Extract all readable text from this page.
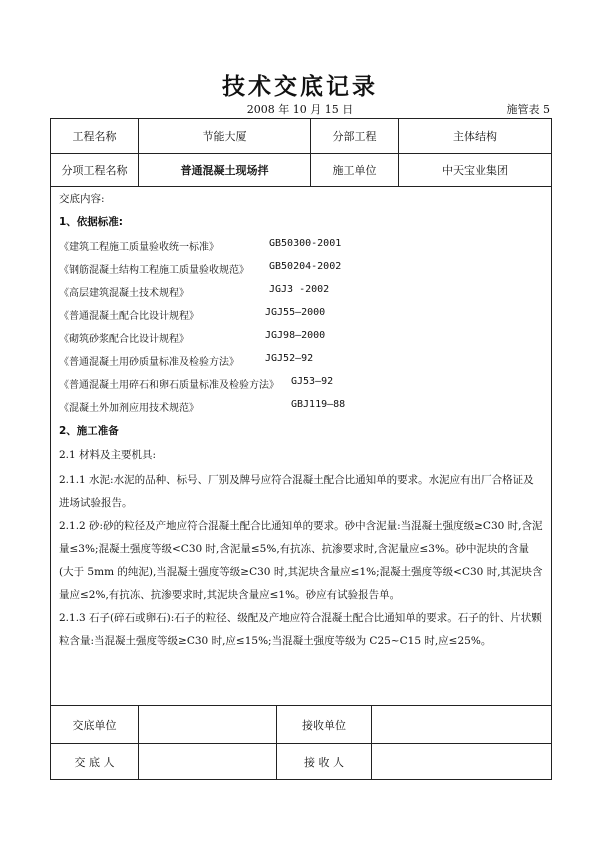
技术交底记录
2008 年 10 月 15 日	施管表 5
工程名称	节能大厦	分部工程	主体结构
分项工程名称	普通混凝土现场拌	施工单位	中天宝业集团
交底内容:
1、依据标准:
《建筑工程施工质量验收统一标准》	GB50300-2001
《钢筋混凝土结构工程施工质量验收规范》 GB50204-2002
《高层建筑混凝土技术规程》	JGJ3 -2002
《普通混凝土配合比设计规程》	JGJ55—2000
《砌筑砂浆配合比设计规程》	JGJ98—2000
《普通混凝土用砂质量标准及检验方法》	JGJ52—92
《普通混凝土用碎石和卵石质量标准及检验方法》 GJ53—92
《混凝土外加剂应用技术规范》	GBJ119—88
2、施工准备
2.1 材料及主要机具:
2.1.1 水泥:水泥的品种、标号、厂别及牌号应符合混凝土配合比通知单的要求。水泥应有出厂合格证及进场试验报告。
2.1.2 砂:砂的粒径及产地应符合混凝土配合比通知单的要求。砂中含泥量:当混凝土强度级≥C30 时,含泥量≤3%;混凝土强度等级<C30 时,含泥量≤5%,有抗冻、抗渗要求时,含泥量应≤3%。砂中泥块的含量(大于 5mm 的纯泥),当混凝土强度等级≥C30 时,其泥块含量应≤1%;混凝土强度等级<C30 时,其泥块含量应≤2%,有抗冻、抗渗要求时,其泥块含量应≤1%。砂应有试验报告单。
2.1.3 石子(碎石或卵石):石子的粒径、级配及产地应符合混凝土配合比通知单的要求。石子的针、片状颗粒含量:当混凝土强度等级≥C30 时,应≤15%;当混凝土强度等级为 C25~C15 时,应≤25%。
交底单位	接收单位
交 底 人	接 收 人
